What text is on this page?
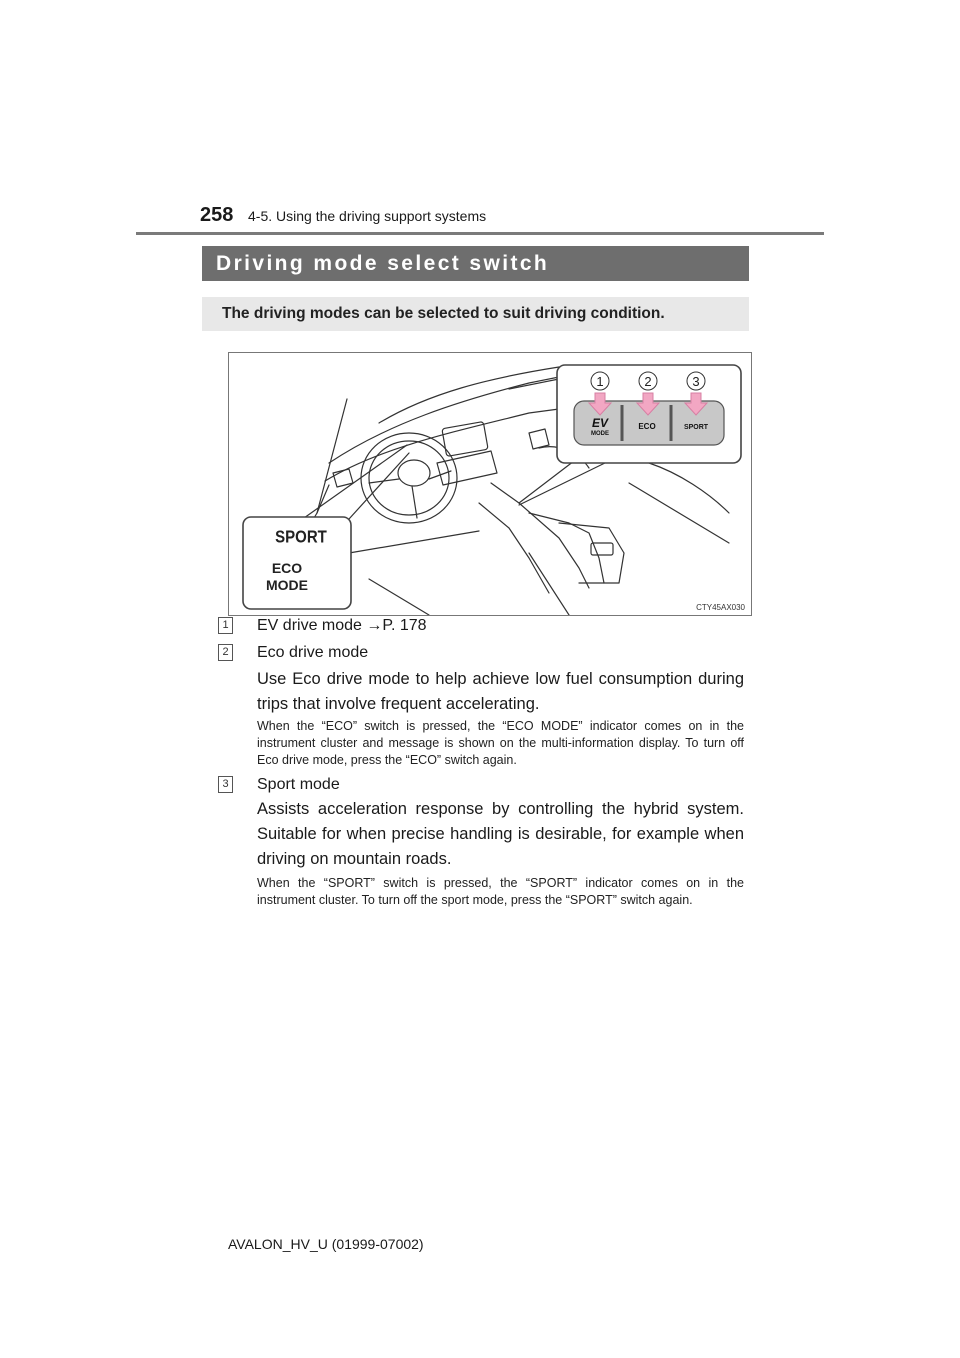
258 4-5. Using the driving support systems
Driving mode select switch
The driving modes can be selected to suit driving condition.
1	2	3
EV
MODE
ECO	SPORT
SPORT
ECO
MODE
CTY45AX030
1 EV drive mode →P. 178
2 Eco drive mode
Use Eco drive mode to help achieve low fuel consumption during trips that involve frequent accelerating.
When the “ECO” switch is pressed, the “ECO MODE” indicator comes on in the instrument cluster and message is shown on the multi-information display. To turn off Eco drive mode, press the “ECO” switch again.
3 Sport mode
Assists acceleration response by controlling the hybrid system. Suitable for when precise handling is desirable, for example when driving on mountain roads.
When the “SPORT” switch is pressed, the “SPORT” indicator comes on in the instrument cluster. To turn off the sport mode, press the “SPORT” switch again.
AVALON_HV_U (01999-07002)
